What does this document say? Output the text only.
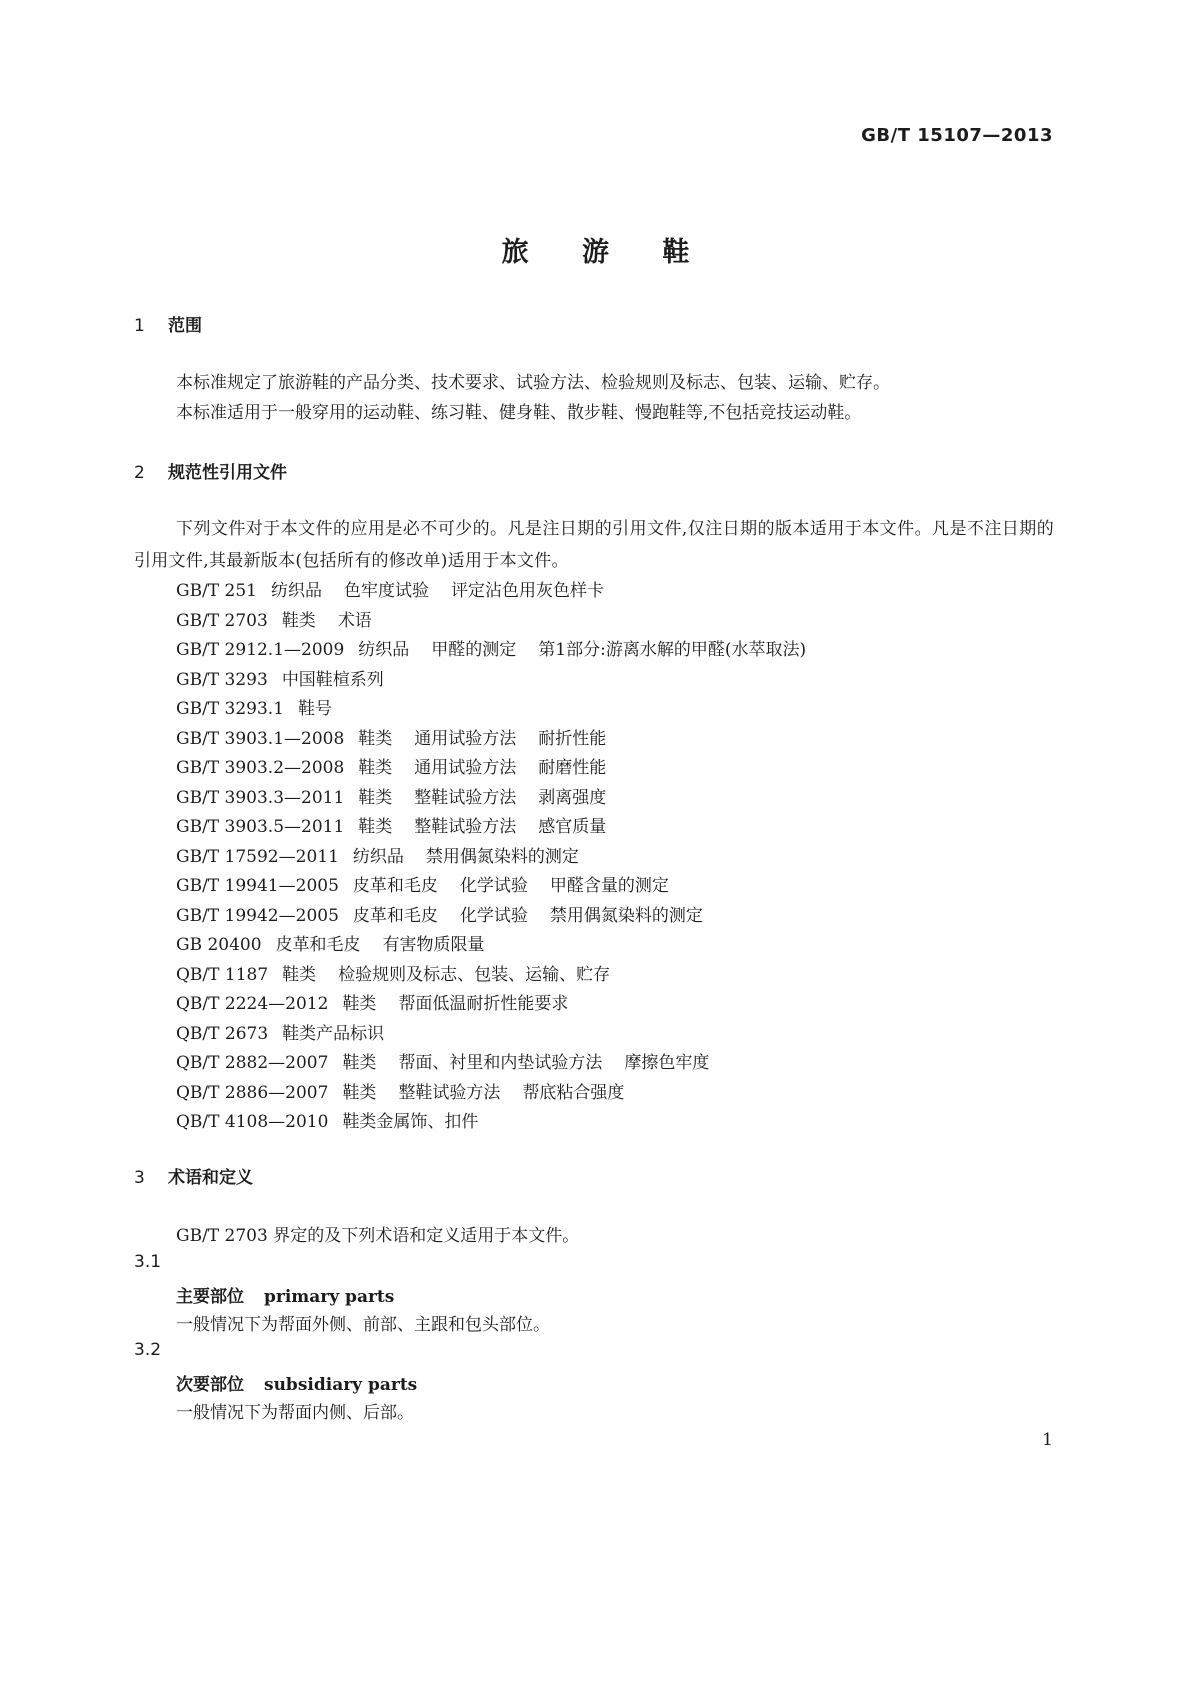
GB/T 15107—2013
旅 游 鞋
1 范围
本标准规定了旅游鞋的产品分类、技术要求、试验方法、检验规则及标志、包装、运输、贮存。
本标准适用于一般穿用的运动鞋、练习鞋、健身鞋、散步鞋、慢跑鞋等,不包括竞技运动鞋。
2 规范性引用文件
下列文件对于本文件的应用是必不可少的。凡是注日期的引用文件,仅注日期的版本适用于本文件。凡是不注日期的引用文件,其最新版本(包括所有的修改单)适用于本文件。
GB/T 251 纺织品 色牢度试验 评定沾色用灰色样卡
GB/T 2703 鞋类 术语
GB/T 2912.1—2009 纺织品 甲醛的测定 第1部分:游离水解的甲醛(水萃取法)
GB/T 3293 中国鞋楦系列
GB/T 3293.1 鞋号
GB/T 3903.1—2008 鞋类 通用试验方法 耐折性能
GB/T 3903.2—2008 鞋类 通用试验方法 耐磨性能
GB/T 3903.3—2011 鞋类 整鞋试验方法 剥离强度
GB/T 3903.5—2011 鞋类 整鞋试验方法 感官质量
GB/T 17592—2011 纺织品 禁用偶氮染料的测定
GB/T 19941—2005 皮革和毛皮 化学试验 甲醛含量的测定
GB/T 19942—2005 皮革和毛皮 化学试验 禁用偶氮染料的测定
GB 20400 皮革和毛皮 有害物质限量
QB/T 1187 鞋类 检验规则及标志、包装、运输、贮存
QB/T 2224—2012 鞋类 帮面低温耐折性能要求
QB/T 2673 鞋类产品标识
QB/T 2882—2007 鞋类 帮面、衬里和内垫试验方法 摩擦色牢度
QB/T 2886—2007 鞋类 整鞋试验方法 帮底粘合强度
QB/T 4108—2010 鞋类金属饰、扣件
3 术语和定义
GB/T 2703 界定的及下列术语和定义适用于本文件。
3.1
主要部位 primary parts
一般情况下为帮面外侧、前部、主跟和包头部位。
3.2
次要部位 subsidiary parts
一般情况下为帮面内侧、后部。
1
